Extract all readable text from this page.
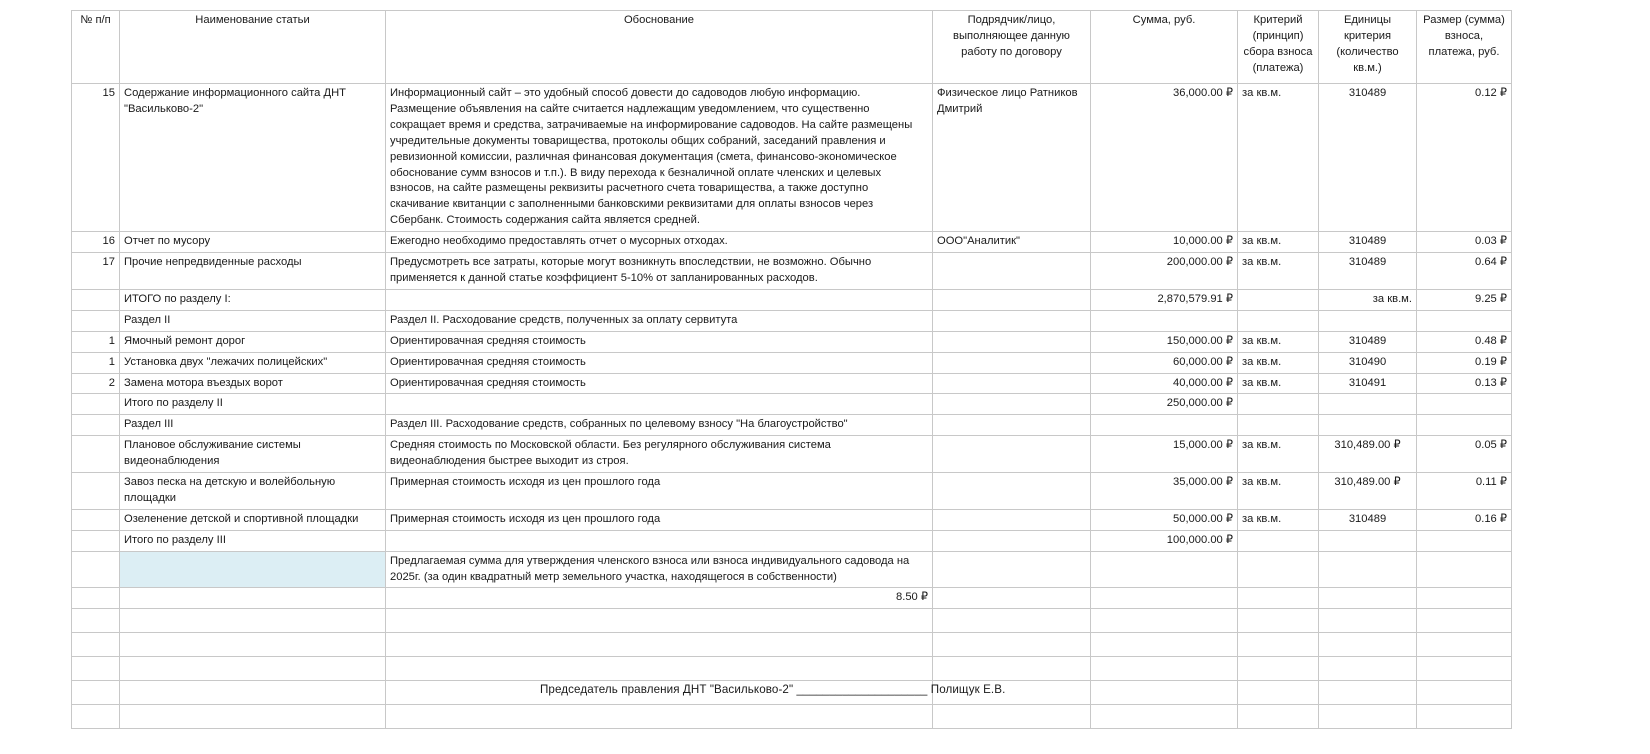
№ п/п	Наименование статьи	Обоснование	Подрядчик/лицо, выполняющее данную работу по договору	Сумма, руб.	Критерий (принцип) сбора взноса (платежа)	Единицы критерия (количество кв.м.)	Размер (сумма) взноса, платежа, руб.
15	Содержание информационного сайта ДНТ "Васильково-2"	Информационный сайт – это удобный способ довести до садоводов любую информацию. Размещение объявления на сайте считается надлежащим уведомлением, что существенно сокращает время и средства, затрачиваемые на информирование садоводов. На сайте размещены учредительные документы товарищества, протоколы общих собраний, заседаний правления и ревизионной комиссии, различная финансовая документация (смета, финансово-экономическое обоснование сумм взносов и т.п.). В виду перехода к безналичной оплате членских и целевых взносов, на сайте размещены реквизиты расчетного счета товарищества, а также доступно скачивание квитанции с заполненными банковскими реквизитами для оплаты взносов через Сбербанк. Стоимость содержания сайта является средней.	Физическое лицо Ратников Дмитрий	36,000.00 ₽	за кв.м.	310489	0.12 ₽
16	Отчет по мусору	Ежегодно необходимо предоставлять отчет о мусорных отходах.	ООО"Аналитик"	10,000.00 ₽	за кв.м.	310489	0.03 ₽
17	Прочие непредвиденные расходы	Предусмотреть все затраты, которые могут возникнуть впоследствии, не возможно. Обычно применяется к данной статье коэффициент 5-10% от запланированных расходов.		200,000.00 ₽	за кв.м.	310489	0.64 ₽
	ИТОГО по разделу I:			2,870,579.91 ₽		за кв.м.	9.25 ₽
	Раздел II	Раздел II. Расходование средств, полученных за оплату сервитута					
1	Ямочный ремонт дорог	Ориентировачная средняя стоимость		150,000.00 ₽	за кв.м.	310489	0.48 ₽
1	Установка двух "лежачих полицейских"	Ориентировачная средняя стоимость		60,000.00 ₽	за кв.м.	310490	0.19 ₽
2	Замена мотора въездых ворот	Ориентировачная средняя стоимость		40,000.00 ₽	за кв.м.	310491	0.13 ₽
	Итого по разделу II			250,000.00 ₽			
	Раздел III	Раздел III. Расходование средств, собранных по целевому взносу "На благоустройство"					
	Плановое обслуживание системы видеонаблюдения	Средняя стоимость по Московской области. Без регулярного обслуживания система видеонаблюдения быстрее выходит из строя.		15,000.00 ₽	за кв.м.	310,489.00 ₽	0.05 ₽
	Завоз песка на детскую и волейбольную площадки	Примерная стоимость исходя из цен прошлого года		35,000.00 ₽	за кв.м.	310,489.00 ₽	0.11 ₽
	Озеленение детской и спортивной площадки	Примерная стоимость исходя из цен прошлого года		50,000.00 ₽	за кв.м.	310489	0.16 ₽
	Итого по разделу III			100,000.00 ₽			
		Предлагаемая сумма для утверждения членского взноса или взноса индивидуального садовода на 2025г. (за один квадратный метр земельного участка, находящегося в собственности)					
		8.50 ₽					

Председатель правления ДНТ "Васильково-2" ____________________ Полищук Е.В.
